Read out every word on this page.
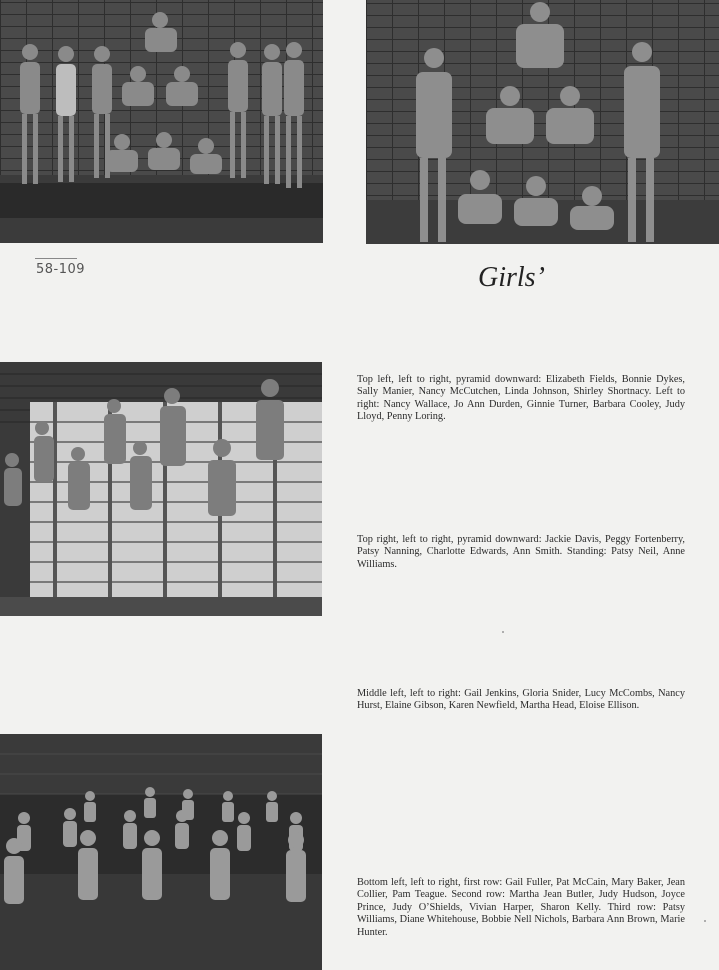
58-109	Girls’

Top left, left to right, pyramid downward: Elizabeth Fields, Bonnie Dykes, Sally Manier, Nancy McCutchen, Linda Johnson, Shirley Shortnacy. Left to right: Nancy Wallace, Jo Ann Durden, Ginnie Turner, Barbara Cooley, Judy Lloyd, Penny Loring.

Top right, left to right, pyramid downward: Jackie Davis, Peggy Fortenberry, Patsy Nanning, Charlotte Edwards, Ann Smith. Standing: Patsy Neil, Anne Williams.

Middle left, left to right: Gail Jenkins, Gloria Snider, Lucy McCombs, Nancy Hurst, Elaine Gibson, Karen Newfield, Martha Head, Eloise Ellison.

Bottom left, left to right, first row: Gail Fuller, Pat McCain, Mary Baker, Jean Collier, Pam Teague. Second row: Martha Jean Butler, Judy Hudson, Joyce Prince, Judy O’Shields, Vivian Harper, Sharon Kelly. Third row: Patsy Williams, Diane Whitehouse, Bobbie Nell Nichols, Barbara Ann Brown, Marie Hunter.
